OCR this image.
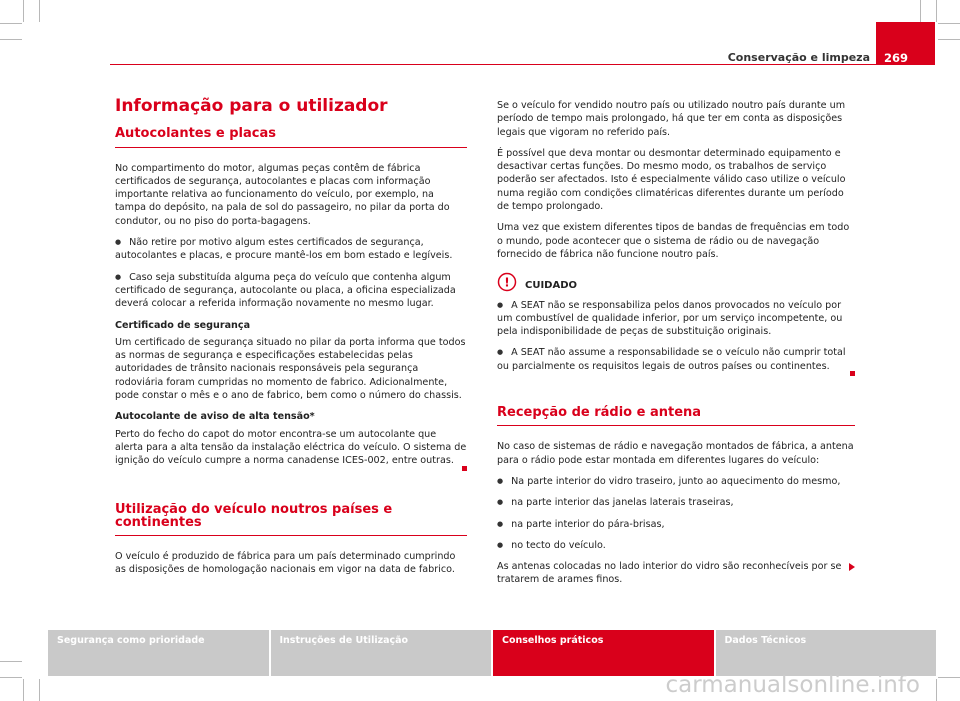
Conservação e limpeza	269
Informação para o utilizador
Autocolantes e placas

No compartimento do motor, algumas peças contêm de fábrica certificados de segurança, autocolantes e placas com informação importante relativa ao funcionamento do veículo, por exemplo, na tampa do depósito, na pala de sol do passageiro, no pilar da porta do condutor, ou no piso do porta-bagagens.

● Não retire por motivo algum estes certificados de segurança, autocolantes e placas, e procure mantê-los em bom estado e legíveis.

● Caso seja substituída alguma peça do veículo que contenha algum certificado de segurança, autocolante ou placa, a oficina especializada deverá colocar a referida informação novamente no mesmo lugar.

Certificado de segurança

Um certificado de segurança situado no pilar da porta informa que todos as normas de segurança e especificações estabelecidas pelas autoridades de trânsito nacionais responsáveis pela segurança rodoviária foram cumpridas no momento de fabrico. Adicionalmente, pode constar o mês e o ano de fabrico, bem como o número do chassis.

Autocolante de aviso de alta tensão*

Perto do fecho do capot do motor encontra-se um autocolante que alerta para a alta tensão da instalação eléctrica do veículo. O sistema de ignição do veículo cumpre a norma canadense ICES-002, entre outras.

Utilização do veículo noutros países e continentes

O veículo é produzido de fábrica para um país determinado cumprindo as disposições de homologação nacionais em vigor na data de fabrico.

Se o veículo for vendido noutro país ou utilizado noutro país durante um período de tempo mais prolongado, há que ter em conta as disposições legais que vigoram no referido país.

É possível que deva montar ou desmontar determinado equipamento e desactivar certas funções. Do mesmo modo, os trabalhos de serviço poderão ser afectados. Isto é especialmente válido caso utilize o veículo numa região com condições climatéricas diferentes durante um período de tempo prolongado.

Uma vez que existem diferentes tipos de bandas de frequências em todo o mundo, pode acontecer que o sistema de rádio ou de navegação fornecido de fábrica não funcione noutro país.

! CUIDADO

● A SEAT não se responsabiliza pelos danos provocados no veículo por um combustível de qualidade inferior, por um serviço incompetente, ou pela indisponibilidade de peças de substituição originais.

● A SEAT não assume a responsabilidade se o veículo não cumprir total ou parcialmente os requisitos legais de outros países ou continentes.

Recepção de rádio e antena

No caso de sistemas de rádio e navegação montados de fábrica, a antena para o rádio pode estar montada em diferentes lugares do veículo:

● Na parte interior do vidro traseiro, junto ao aquecimento do mesmo,

● na parte interior das janelas laterais traseiras,

● na parte interior do pára-brisas,

● no tecto do veículo.

As antenas colocadas no lado interior do vidro são reconhecíveis por se tratarem de arames finos.

Segurança como prioridade	Instruções de Utilização	Conselhos práticos	Dados Técnicos
carmanualsonline.info
